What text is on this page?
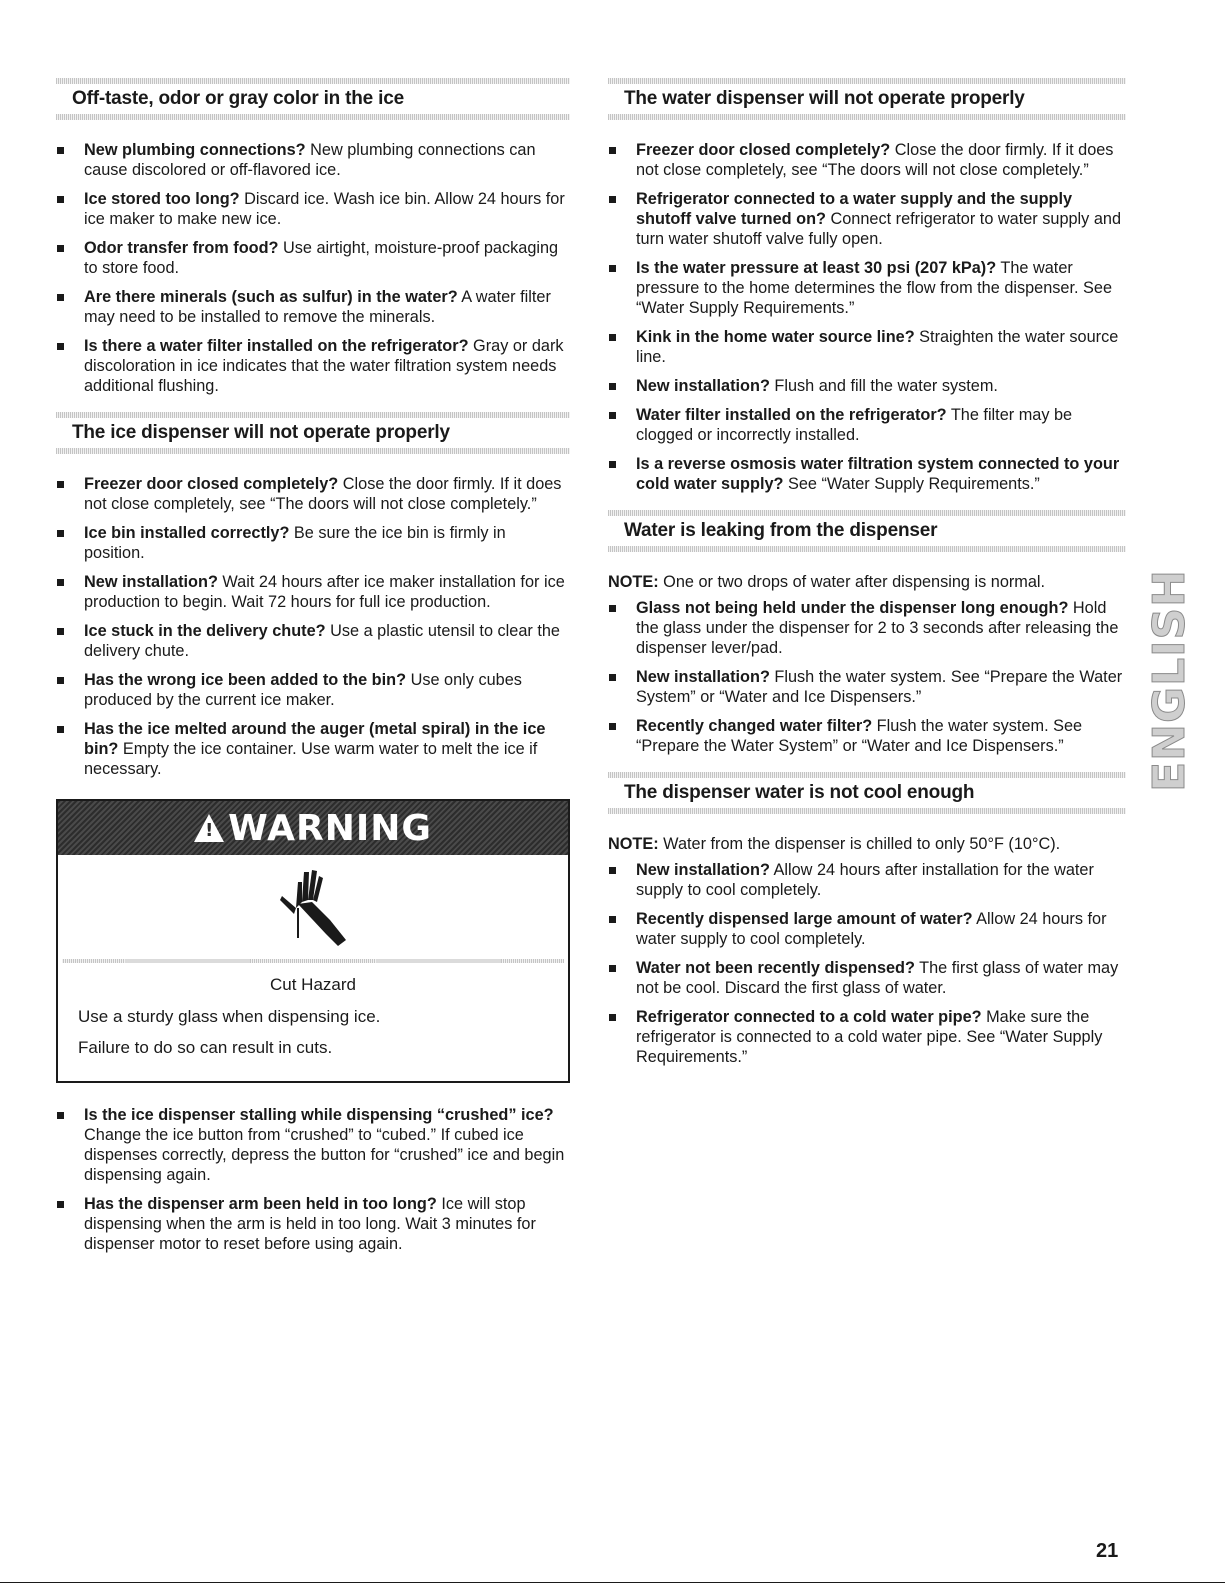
Off-taste, odor or gray color in the ice
New plumbing connections? New plumbing connections can cause discolored or off-flavored ice.
Ice stored too long? Discard ice. Wash ice bin. Allow 24 hours for ice maker to make new ice.
Odor transfer from food? Use airtight, moisture-proof packaging to store food.
Are there minerals (such as sulfur) in the water? A water filter may need to be installed to remove the minerals.
Is there a water filter installed on the refrigerator? Gray or dark discoloration in ice indicates that the water filtration system needs additional flushing.
The ice dispenser will not operate properly
Freezer door closed completely? Close the door firmly. If it does not close completely, see “The doors will not close completely.”
Ice bin installed correctly? Be sure the ice bin is firmly in position.
New installation? Wait 24 hours after ice maker installation for ice production to begin. Wait 72 hours for full ice production.
Ice stuck in the delivery chute? Use a plastic utensil to clear the delivery chute.
Has the wrong ice been added to the bin? Use only cubes produced by the current ice maker.
Has the ice melted around the auger (metal spiral) in the ice bin? Empty the ice container. Use warm water to melt the ice if necessary.
!
WARNING
Cut Hazard

Use a sturdy glass when dispensing ice.

Failure to do so can result in cuts.

Is the ice dispenser stalling while dispensing “crushed” ice? Change the ice button from “crushed” to “cubed.” If cubed ice dispenses correctly, depress the button for “crushed” ice and begin dispensing again.
Has the dispenser arm been held in too long? Ice will stop dispensing when the arm is held in too long. Wait 3 minutes for dispenser motor to reset before using again.
The water dispenser will not operate properly
Freezer door closed completely? Close the door firmly. If it does not close completely, see “The doors will not close completely.”
Refrigerator connected to a water supply and the supply shutoff valve turned on? Connect refrigerator to water supply and turn water shutoff valve fully open.
Is the water pressure at least 30 psi (207 kPa)? The water pressure to the home determines the flow from the dispenser. See “Water Supply Requirements.”
Kink in the home water source line? Straighten the water source line.
New installation? Flush and fill the water system.
Water filter installed on the refrigerator? The filter may be clogged or incorrectly installed.
Is a reverse osmosis water filtration system connected to your cold water supply? See “Water Supply Requirements.”
Water is leaking from the dispenser

NOTE: One or two drops of water after dispensing is normal.

Glass not being held under the dispenser long enough? Hold the glass under the dispenser for 2 to 3 seconds after releasing the dispenser lever/pad.
New installation? Flush the water system. See “Prepare the Water System” or “Water and Ice Dispensers.”
Recently changed water filter? Flush the water system. See “Prepare the Water System” or “Water and Ice Dispensers.”
The dispenser water is not cool enough

NOTE: Water from the dispenser is chilled to only 50°F (10°C).

New installation? Allow 24 hours after installation for the water supply to cool completely.
Recently dispensed large amount of water? Allow 24 hours for water supply to cool completely.
Water not been recently dispensed? The first glass of water may not be cool. Discard the first glass of water.
Refrigerator connected to a cold water pipe? Make sure the refrigerator is connected to a cold water pipe. See “Water Supply Requirements.”
ENGLISH
21
